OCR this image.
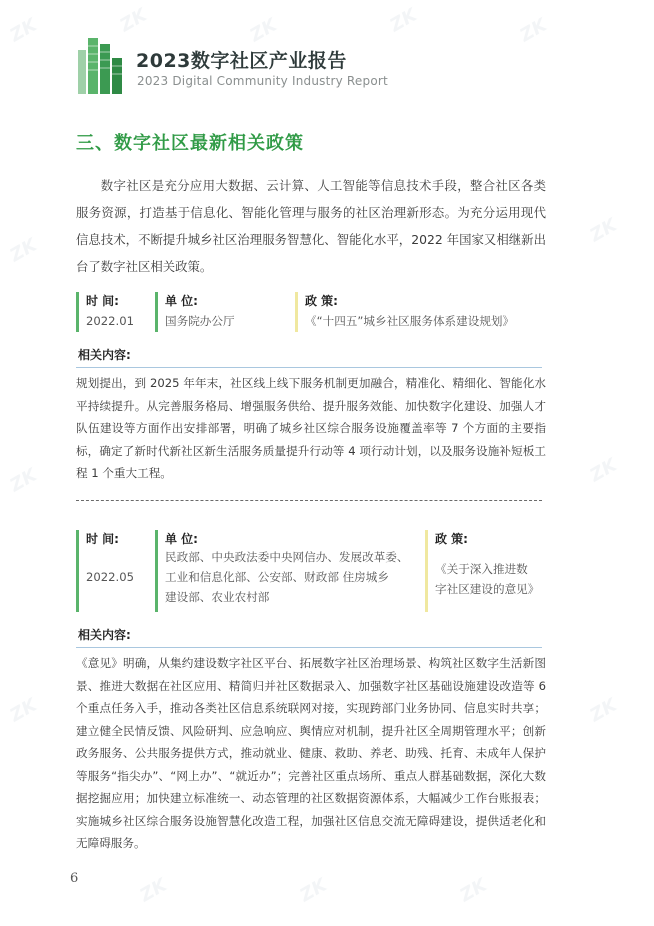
ZK	ZK	ZK	ZK	ZK
ZK
ZK
ZK	ZK
ZK	ZK
ZK	ZK	ZK
2023数字社区产业报告
2023 Digital Community Industry Report
三、数字社区最新相关政策

数字社区是充分应用大数据、云计算、人工智能等信息技术手段，整合社区各类服务资源，打造基于信息化、智能化管理与服务的社区治理新形态。为充分运用现代信息技术，不断提升城乡社区治理服务智慧化、智能化水平，2022 年国家又相继新出台了数字社区相关政策。

时 间:
2022.01
单 位:
国务院办公厅
政 策:
《“十四五”城乡社区服务体系建设规划》
相关内容:
规划提出，到 2025 年年末，社区线上线下服务机制更加融合，精准化、精细化、智能化水平持续提升。从完善服务格局、增强服务供给、提升服务效能、加快数字化建设、加强人才队伍建设等方面作出安排部署，明确了城乡社区综合服务设施覆盖率等 7 个方面的主要指标，确定了新时代新社区新生活服务质量提升行动等 4 项行动计划，以及服务设施补短板工程 1 个重大工程。
时 间:
2022.05
单 位:
民政部、中央政法委中央网信办、发展改革委、
工业和信息化部、公安部、财政部 住房城乡
建设部、农业农村部
政 策:
《关于深入推进数
字社区建设的意见》
相关内容:
《意见》明确，从集约建设数字社区平台、拓展数字社区治理场景、构筑社区数字生活新图景、推进大数据在社区应用、精简归并社区数据录入、加强数字社区基础设施建设改造等 6 个重点任务入手，推动各类社区信息系统联网对接，实现跨部门业务协同、信息实时共享；建立健全民情反馈、风险研判、应急响应、舆情应对机制，提升社区全周期管理水平；创新政务服务、公共服务提供方式，推动就业、健康、救助、养老、助残、托育、未成年人保护等服务“指尖办”、“网上办”、“就近办”；完善社区重点场所、重点人群基础数据，深化大数据挖掘应用；加快建立标准统一、动态管理的社区数据资源体系，大幅减少工作台账报表；实施城乡社区综合服务设施智慧化改造工程，加强社区信息交流无障碍建设，提供适老化和无障碍服务。
6
